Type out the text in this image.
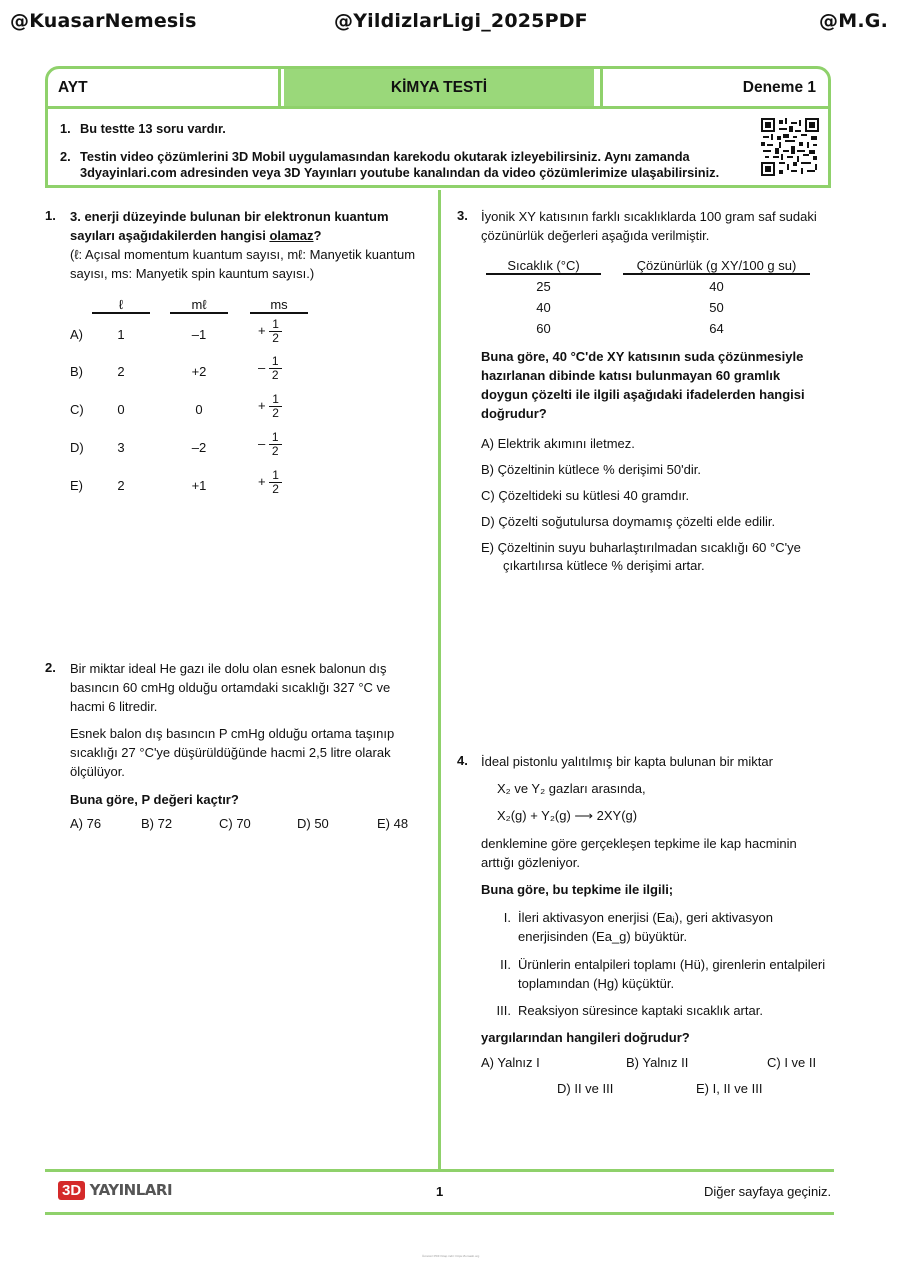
@KuasarNemesis	@YildizlarLigi_2025PDF	@M.G.
AYT	KİMYA TESTİ	Deneme 1
1. Bu testte 13 soru vardır.
2. Testin video çözümlerini 3D Mobil uygulamasından karekodu okutarak izleyebilirsiniz. Aynı zamanda
3dyayinlari.com adresinden veya 3D Yayınları youtube kanalından da video çözümlerimize ulaşabilirsiniz.
1. 3. enerji düzeyinde bulunan bir elektronun kuantum
sayıları aşağıdakilerden hangisi olamaz?
(ℓ: Açısal momentum kuantum sayısı, mℓ: Manyetik kuantum
sayısı, ms: Manyetik spin kauntum sayısı.)
ℓ	mℓ	ms
A)	1	–1	+ $\frac{1}{2}$
B)	2	+2	– $\frac{1}{2}$
C)	0	0	+ $\frac{1}{2}$
D)	3	–2	– $\frac{1}{2}$
E)	2	+1	+ $\frac{1}{2}$
2. Bir miktar ideal He gazı ile dolu olan esnek balonun dış
basıncın 60 cmHg olduğu ortamdaki sıcaklığı 327 °C ve
hacmi 6 litredir.
Esnek balon dış basıncın P cmHg olduğu ortama taşınıp
sıcaklığı 27 °C'ye düşürüldüğünde hacmi 2,5 litre olarak
ölçülüyor.
Buna göre, P değeri kaçtır?
A) 76	B) 72	C) 70	D) 50	E) 48
3. İyonik XY katısının farklı sıcaklıklarda 100 gram saf sudaki
çözünürlük değerleri aşağıda verilmiştir.
Sıcaklık (°C)	Çözünürlük (g XY/100 g su)
25	40
40	50
60	64
Buna göre, 40 °C'de XY katısının suda çözünmesiyle
hazırlanan dibinde katısı bulunmayan 60 gramlık
doygun çözelti ile ilgili aşağıdaki ifadelerden hangisi
doğrudur?
A) Elektrik akımını iletmez.
B) Çözeltinin kütlece % derişimi 50'dir.
C) Çözeltideki su kütlesi 40 gramdır.
D) Çözelti soğutulursa doymamış çözelti elde edilir.
E) Çözeltinin suyu buharlaştırılmadan sıcaklığı 60 °C'ye
çıkartılırsa kütlece % derişimi artar.
4. İdeal pistonlu yalıtılmış bir kapta bulunan bir miktar
X₂ ve Y₂ gazları arasında,
X₂(g) + Y₂(g) ⟶ 2XY(g)
denklemine göre gerçekleşen tepkime ile kap hacminin
arttığı gözleniyor.
Buna göre, bu tepkime ile ilgili;
I. İleri aktivasyon enerjisi (Eaᵢ), geri aktivasyon
enerjisinden (Ea_g) büyüktür.
II. Ürünlerin entalpileri toplamı (Hü), girenlerin entalpileri
toplamından (Hg) küçüktür.
III. Reaksiyon süresince kaptaki sıcaklık artar.
yargılarından hangileri doğrudur?
A) Yalnız I	B) Yalnız II	C) I ve II
D) II ve III	E) I, II ve III
3D YAYINLARI	1	Diğer sayfaya geçiniz.
Ücretsiz PDF Kitap indir: https://lomasb.org
